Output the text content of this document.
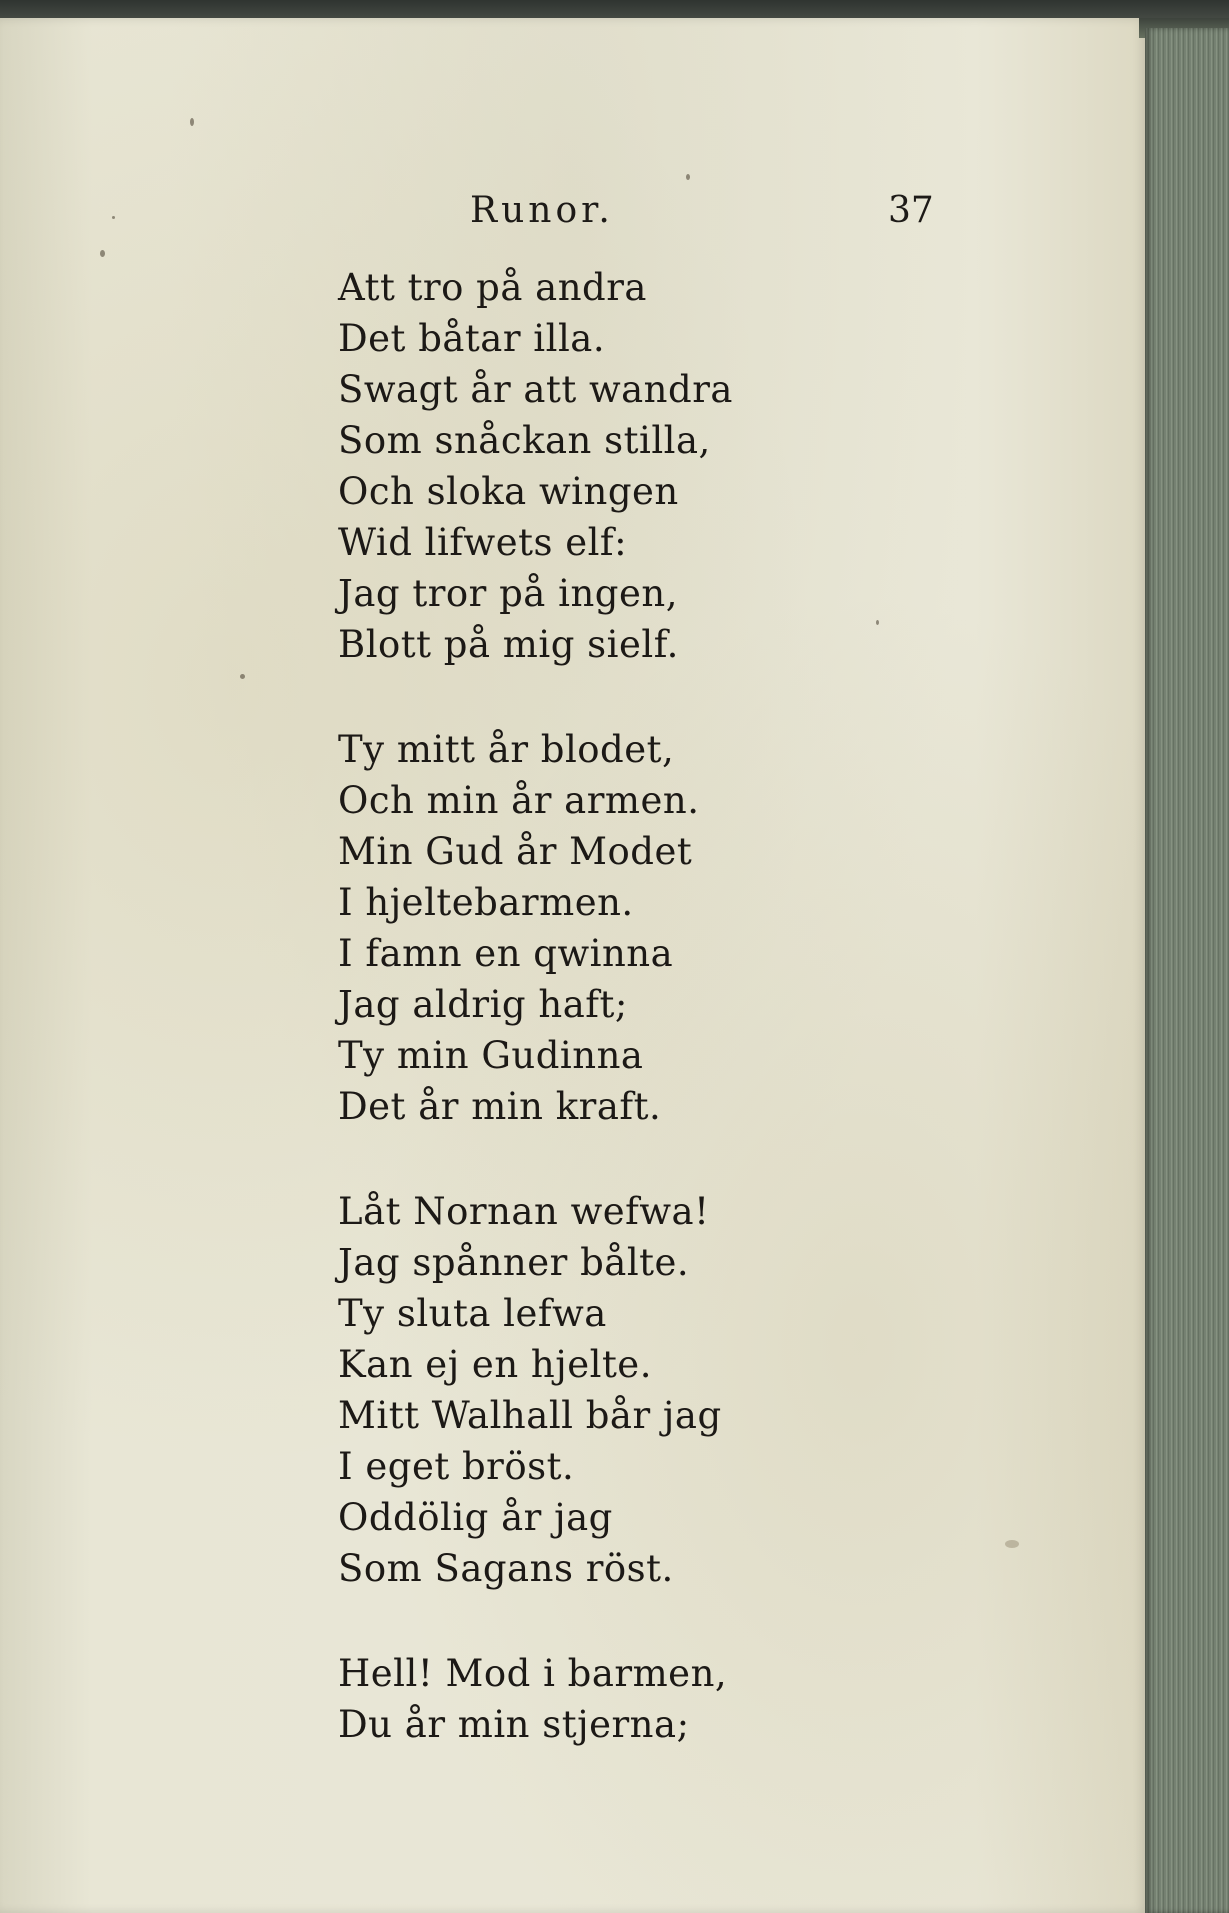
Runor.	37
Att tro på andra
Det båtar illa.
Swagt år att wandra
Som snåckan stilla,
Och sloka wingen
Wid lifwets elf:
Jag tror på ingen,
Blott på mig sielf.
Ty mitt år blodet,
Och min år armen.
Min Gud år Modet
I hjeltebarmen.
I famn en qwinna
Jag aldrig haft;
Ty min Gudinna
Det år min kraft.
Låt Nornan wefwa!
Jag spånner bålte.
Ty sluta lefwa
Kan ej en hjelte.
Mitt Walhall bår jag
I eget bröst.
Oddölig år jag
Som Sagans röst.
Hell! Mod i barmen,
Du år min stjerna;
